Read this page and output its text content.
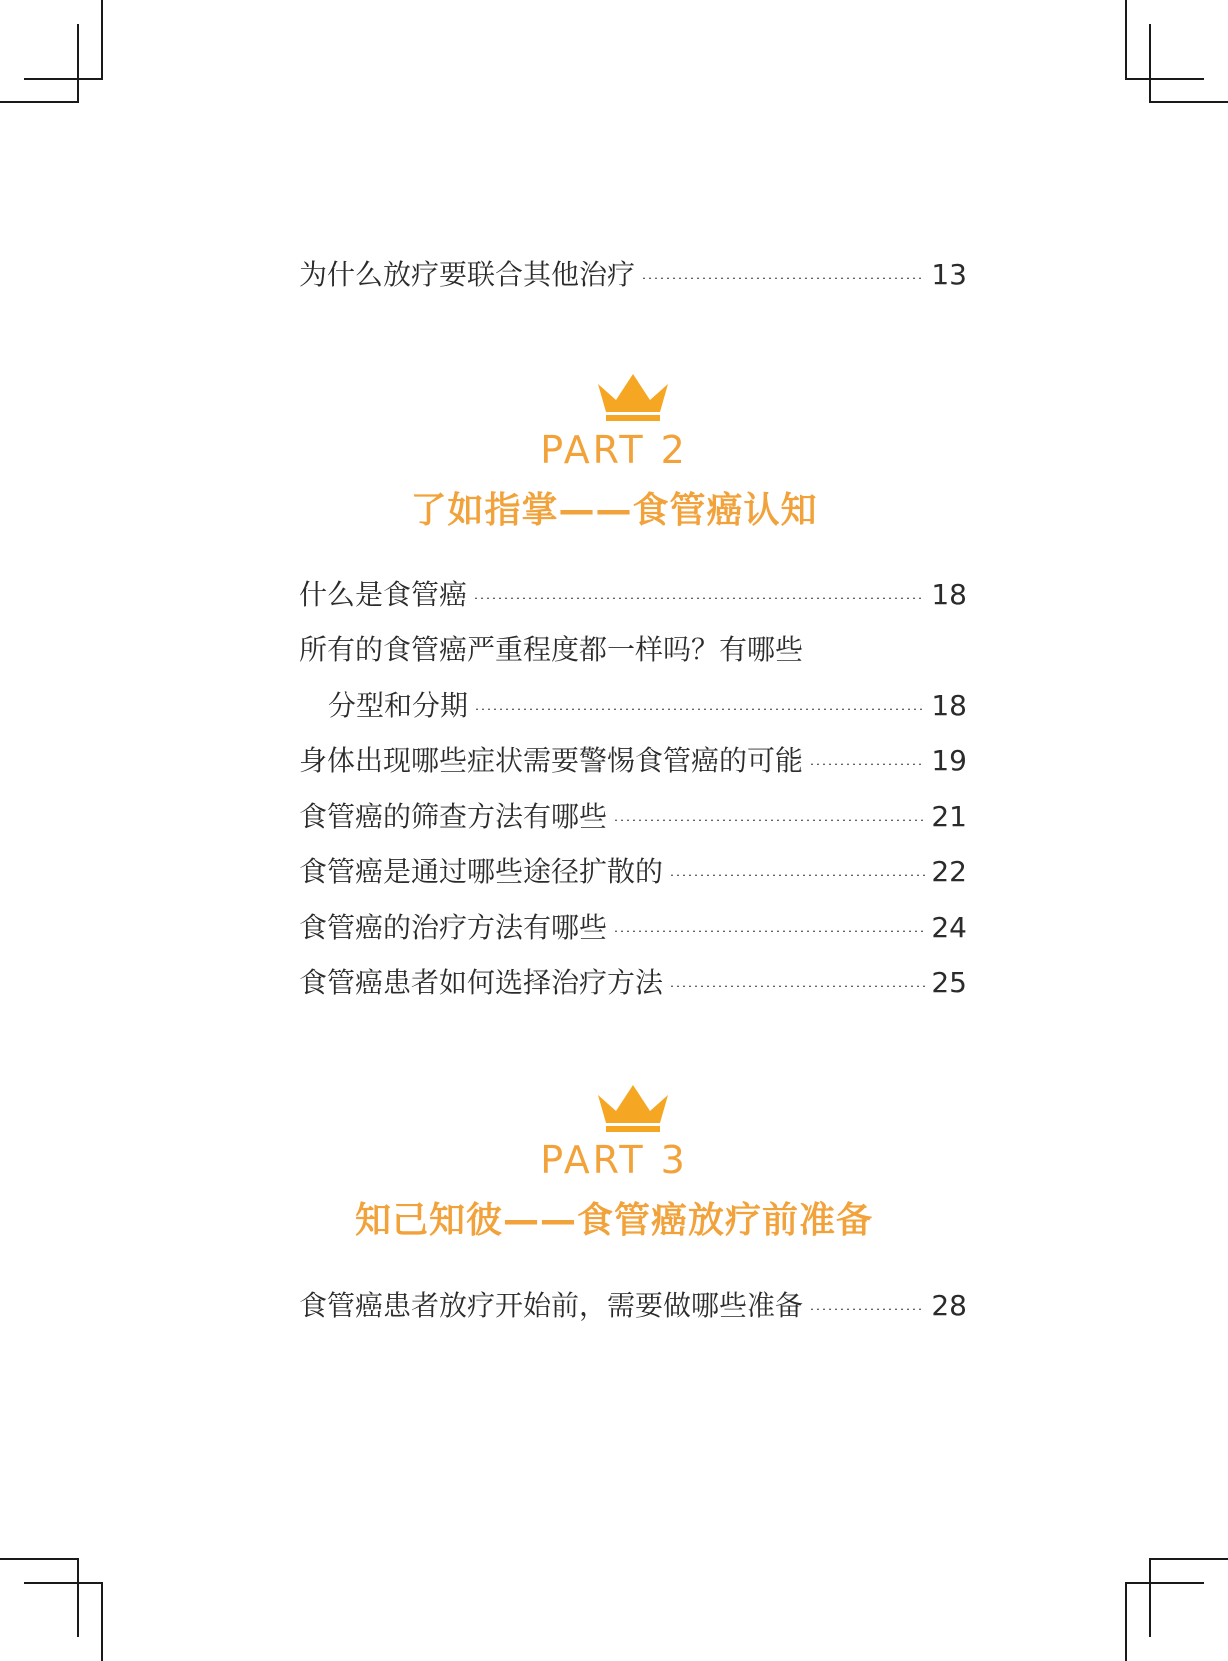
为什么放疗要联合其他治疗	13
PART 2
了如指掌——食管癌认知
什么是食管癌	18
所有的食管癌严重程度都一样吗？有哪些
分型和分期	18
身体出现哪些症状需要警惕食管癌的可能	19
食管癌的筛查方法有哪些	21
食管癌是通过哪些途径扩散的	22
食管癌的治疗方法有哪些	24
食管癌患者如何选择治疗方法	25
PART 3
知己知彼——食管癌放疗前准备
食管癌患者放疗开始前，需要做哪些准备	28
